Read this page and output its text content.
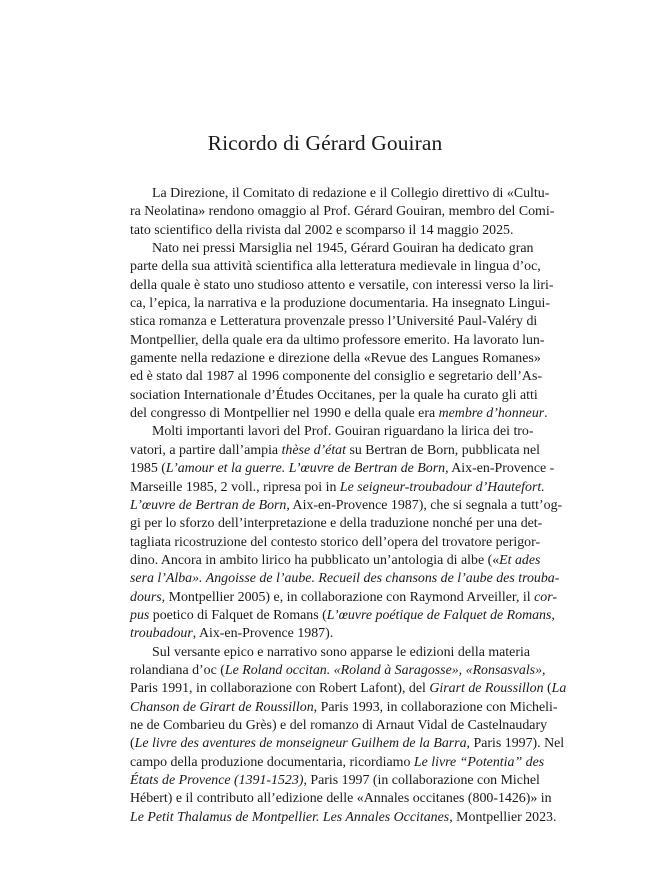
Ricordo di Gérard Gouiran
La Direzione, il Comitato di redazione e il Collegio direttivo di «Cultu-
ra Neolatina» rendono omaggio al Prof. Gérard Gouiran, membro del Comi-
tato scientifico della rivista dal 2002 e scomparso il 14 maggio 2025.
Nato nei pressi Marsiglia nel 1945, Gérard Gouiran ha dedicato gran
parte della sua attività scientifica alla letteratura medievale in lingua d’oc,
della quale è stato uno studioso attento e versatile, con interessi verso la liri-
ca, l’epica, la narrativa e la produzione documentaria. Ha insegnato Lingui-
stica romanza e Letteratura provenzale presso l’Université Paul-Valéry di
Montpellier, della quale era da ultimo professore emerito. Ha lavorato lun-
gamente nella redazione e direzione della «Revue des Langues Romanes»
ed è stato dal 1987 al 1996 componente del consiglio e segretario dell’As-
sociation Internationale d’Études Occitanes, per la quale ha curato gli atti
del congresso di Montpellier nel 1990 e della quale era membre d’honneur.
Molti importanti lavori del Prof. Gouiran riguardano la lirica dei tro-
vatori, a partire dall’ampia thèse d’état su Bertran de Born, pubblicata nel
1985 (L’amour et la guerre. L’œuvre de Bertran de Born, Aix-en-Provence -
Marseille 1985, 2 voll., ripresa poi in Le seigneur-troubadour d’Hautefort.
L’œuvre de Bertran de Born, Aix-en-Provence 1987), che si segnala a tutt’og-
gi per lo sforzo dell’interpretazione e della traduzione nonché per una det-
tagliata ricostruzione del contesto storico dell’opera del trovatore perigor-
dino. Ancora in ambito lirico ha pubblicato un’antologia di albe («Et ades
sera l’Alba». Angoisse de l’aube. Recueil des chansons de l’aube des trouba-
dours, Montpellier 2005) e, in collaborazione con Raymond Arveiller, il cor-
pus poetico di Falquet de Romans (L’œuvre poétique de Falquet de Romans,
troubadour, Aix-en-Provence 1987).
Sul versante epico e narrativo sono apparse le edizioni della materia
rolandiana d’oc (Le Roland occitan. «Roland à Saragosse», «Ronsasvals»,
Paris 1991, in collaborazione con Robert Lafont), del Girart de Roussillon (La
Chanson de Girart de Roussillon, Paris 1993, in collaborazione con Micheli-
ne de Combarieu du Grès) e del romanzo di Arnaut Vidal de Castelnaudary
(Le livre des aventures de monseigneur Guilhem de la Barra, Paris 1997). Nel
campo della produzione documentaria, ricordiamo Le livre “Potentia” des
États de Provence (1391-1523), Paris 1997 (in collaborazione con Michel
Hébert) e il contributo all’edizione delle «Annales occitanes (800-1426)» in
Le Petit Thalamus de Montpellier. Les Annales Occitanes, Montpellier 2023.
